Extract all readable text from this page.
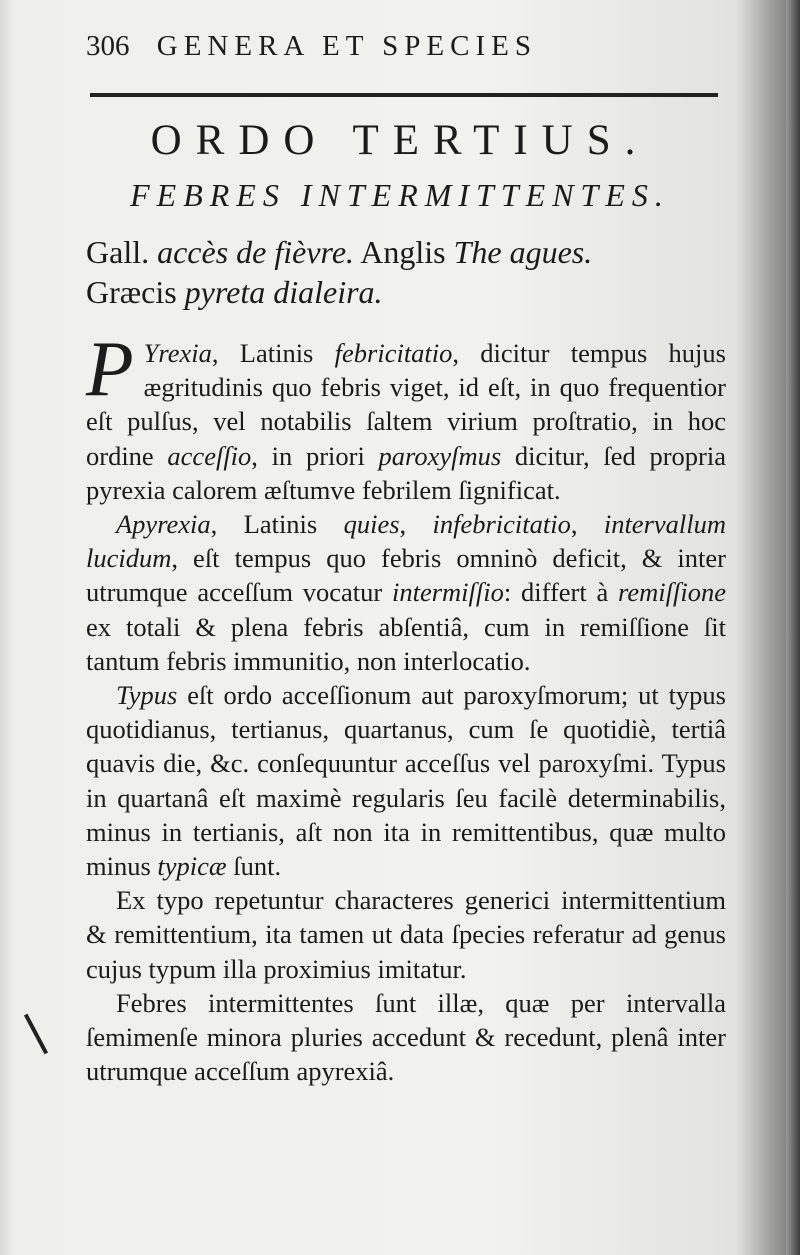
306 GENERA ET SPECIES
ORDO TERTIUS.
FEBRES INTERMITTENTES.
Gall. accès de fièvre. Anglis The agues.
Græcis pyreta dialeira.

P Yrexia, Latinis febricitatio, dicitur tempus hujus ægritudinis quo febris viget, id eſt, in quo frequentior eſt pulſus, vel notabilis ſaltem virium proſtratio, in hoc ordine acceſſio, in priori paroxyſmus dicitur, ſed propria pyrexia calorem æſtumve febrilem ſignificat.

Apyrexia, Latinis quies, infebricitatio, intervallum lucidum, eſt tempus quo febris omninò deficit, & inter utrumque acceſſum vocatur intermiſſio: differt à remiſſione ex totali & plena febris abſentiâ, cum in remiſſione ſit tantum febris immunitio, non interlocatio.

Typus eſt ordo acceſſionum aut paroxyſmorum; ut typus quotidianus, tertianus, quartanus, cum ſe quotidiè, tertiâ quavis die, &c. conſequuntur acceſſus vel paroxyſmi. Typus in quartanâ eſt maximè regularis ſeu facilè determinabilis, minus in tertianis, aſt non ita in remittentibus, quæ multo minus typicæ ſunt.

Ex typo repetuntur characteres generici intermittentium & remittentium, ita tamen ut data ſpecies referatur ad genus cujus typum illa proximius imitatur.

Febres intermittentes ſunt illæ, quæ per intervalla ſemimenſe minora pluries accedunt & recedunt, plenâ inter utrumque acceſſum apyrexiâ.
